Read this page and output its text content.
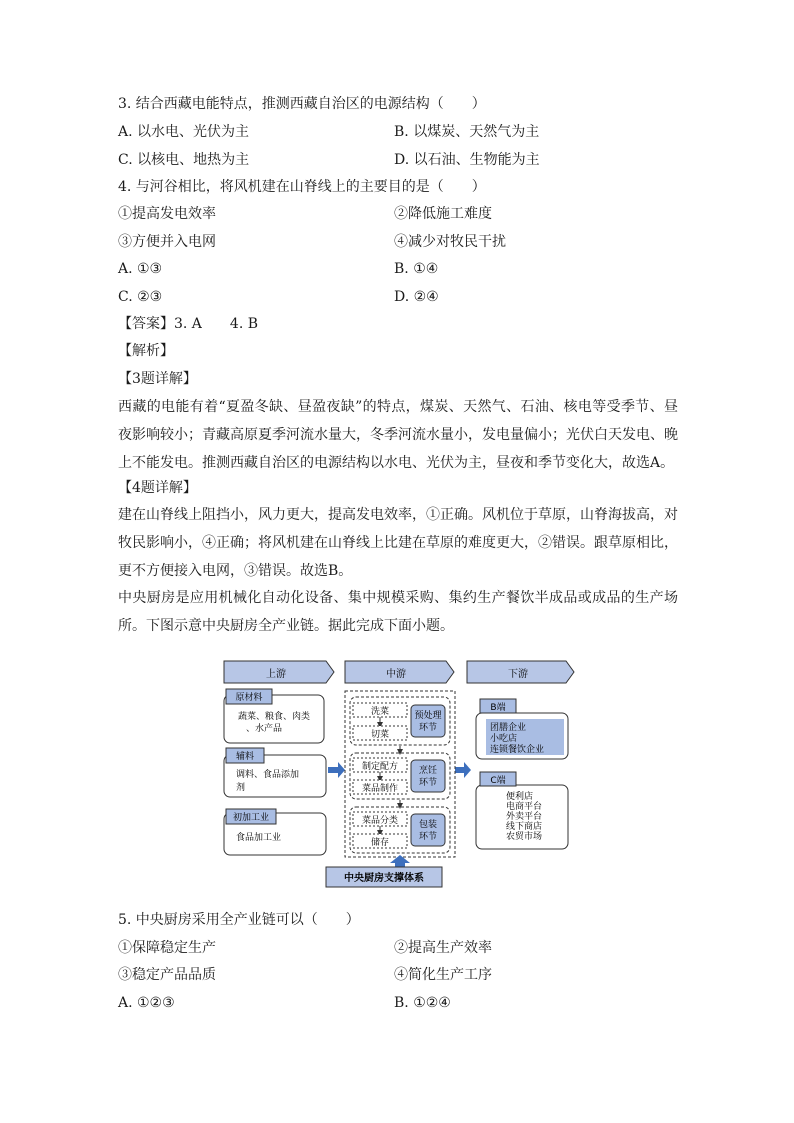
3. 结合西藏电能特点，推测西藏自治区的电源结构（　　）
A. 以水电、光伏为主	B. 以煤炭、天然气为主
C. 以核电、地热为主	D. 以石油、生物能为主
4. 与河谷相比，将风机建在山脊线上的主要目的是（　　）
①提高发电效率	②降低施工难度
③方便并入电网	④减少对牧民干扰
A. ①③	B. ①④
C. ②③	D. ②④
【答案】3. A　　4. B
【解析】
【3题详解】
西藏的电能有着“夏盈冬缺、昼盈夜缺”的特点，煤炭、天然气、石油、核电等受季节、昼夜影响较小；青藏高原夏季河流水量大，冬季河流水量小，发电量偏小；光伏白天发电、晚上不能发电。推测西藏自治区的电源结构以水电、光伏为主，昼夜和季节变化大，故选A。
【4题详解】
建在山脊线上阻挡小，风力更大，提高发电效率，①正确。风机位于草原，山脊海拔高，对牧民影响小，④正确；将风机建在山脊线上比建在草原的难度更大，②错误。跟草原相比，更不方便接入电网，③错误。故选B。
中央厨房是应用机械化自动化设备、集中规模采购、集约生产餐饮半成品或成品的生产场所。下图示意中央厨房全产业链。据此完成下面小题。
上游	中游	下游
原材料
蔬菜、粮食、肉类
、水产品
辅料
调料、食品添加
剂
初加工业
食品加工业
洗菜
切菜
预处理
环节
制定配方
菜品制作
烹饪
环节
菜品分类
储存
包装
环节
中央厨房支撑体系
B端
团膳企业
小吃店
连锁餐饮企业
C端
便利店
电商平台
外卖平台
线下商店
农贸市场
5. 中央厨房采用全产业链可以（　　）
①保障稳定生产	②提高生产效率
③稳定产品品质	④简化生产工序
A. ①②③	B. ①②④
